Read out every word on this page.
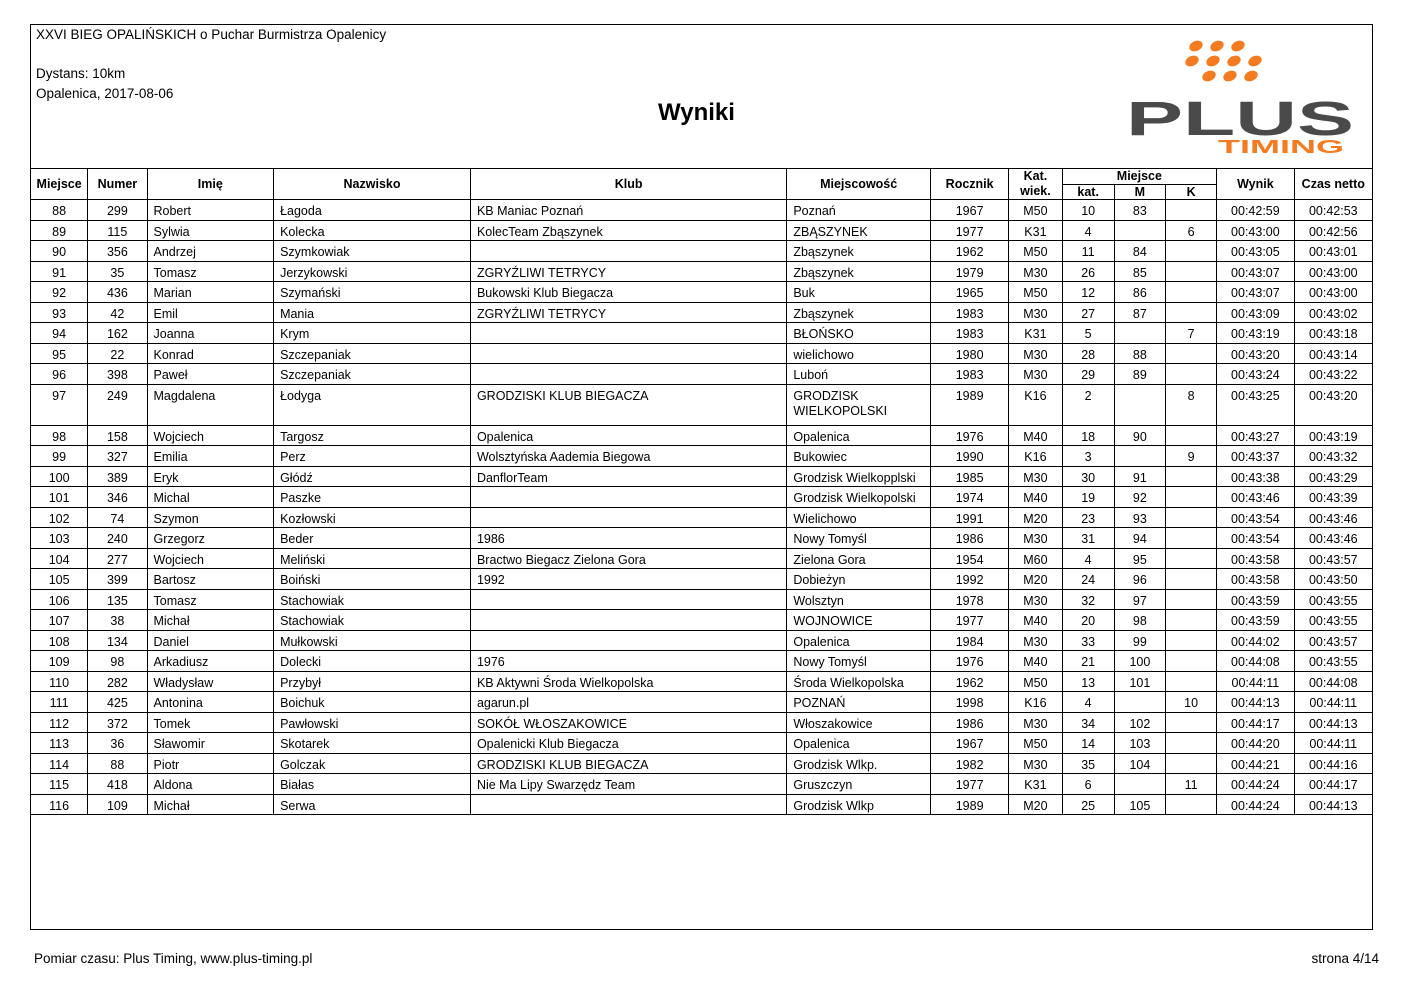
XXVI BIEG OPALIŃSKICH o Puchar Burmistrza Opalenicy
Dystans: 10km
Opalenica, 2017-08-06
Wyniki	PLUS
TIMING
Miejsce	Numer	Imię	Nazwisko	Klub	Miejscowość	Rocznik	Kat. wiek.	Miejsce			Wynik	Czas netto
								kat.	M	K		
88	299	Robert	Łagoda	KB Maniac Poznań	Poznań	1967	M50	10	83		00:42:59	00:42:53
89	115	Sylwia	Kolecka	KolecTeam Zbąszynek	ZBĄSZYNEK	1977	K31	4		6	00:43:00	00:42:56
90	356	Andrzej	Szymkowiak		Zbąszynek	1962	M50	11	84		00:43:05	00:43:01
91	35	Tomasz	Jerzykowski	ZGRYŹLIWI TETRYCY	Zbąszynek	1979	M30	26	85		00:43:07	00:43:00
92	436	Marian	Szymański	Bukowski Klub Biegacza	Buk	1965	M50	12	86		00:43:07	00:43:00
93	42	Emil	Mania	ZGRYŹLIWI TETRYCY	Zbąszynek	1983	M30	27	87		00:43:09	00:43:02
94	162	Joanna	Krym		BŁOŃSKO	1983	K31	5		7	00:43:19	00:43:18
95	22	Konrad	Szczepaniak		wielichowo	1980	M30	28	88		00:43:20	00:43:14
96	398	Paweł	Szczepaniak		Luboń	1983	M30	29	89		00:43:24	00:43:22
97	249	Magdalena	Łodyga	GRODZISKI KLUB BIEGACZA	GRODZISK WIELKOPOLSKI	1989	K16	2		8	00:43:25	00:43:20
98	158	Wojciech	Targosz	Opalenica	Opalenica	1976	M40	18	90		00:43:27	00:43:19
99	327	Emilia	Perz	Wolsztyńska Aademia Biegowa	Bukowiec	1990	K16	3		9	00:43:37	00:43:32
100	389	Eryk	Głódź	DanflorTeam	Grodzisk Wielkopplski	1985	M30	30	91		00:43:38	00:43:29
101	346	Michal	Paszke		Grodzisk Wielkopolski	1974	M40	19	92		00:43:46	00:43:39
102	74	Szymon	Kozłowski		Wielichowo	1991	M20	23	93		00:43:54	00:43:46
103	240	Grzegorz	Beder	1986	Nowy Tomyśl	1986	M30	31	94		00:43:54	00:43:46
104	277	Wojciech	Meliński	Bractwo Biegacz Zielona Gora	Zielona Gora	1954	M60	4	95		00:43:58	00:43:57
105	399	Bartosz	Boiński	1992	Dobieżyn	1992	M20	24	96		00:43:58	00:43:50
106	135	Tomasz	Stachowiak		Wolsztyn	1978	M30	32	97		00:43:59	00:43:55
107	38	Michał	Stachowiak		WOJNOWICE	1977	M40	20	98		00:43:59	00:43:55
108	134	Daniel	Mułkowski		Opalenica	1984	M30	33	99		00:44:02	00:43:57
109	98	Arkadiusz	Dolecki	1976	Nowy Tomyśl	1976	M40	21	100		00:44:08	00:43:55
110	282	Władysław	Przybył	KB Aktywni Środa Wielkopolska	Środa Wielkopolska	1962	M50	13	101		00:44:11	00:44:08
111	425	Antonina	Boichuk	agarun.pl	POZNAŃ	1998	K16	4		10	00:44:13	00:44:11
112	372	Tomek	Pawłowski	SOKÓŁ WŁOSZAKOWICE	Włoszakowice	1986	M30	34	102		00:44:17	00:44:13
113	36	Sławomir	Skotarek	Opalenicki Klub Biegacza	Opalenica	1967	M50	14	103		00:44:20	00:44:11
114	88	Piotr	Golczak	GRODZISKI KLUB BIEGACZA	Grodzisk Wlkp.	1982	M30	35	104		00:44:21	00:44:16
115	418	Aldona	Białas	Nie Ma Lipy Swarzędz Team	Gruszczyn	1977	K31	6		11	00:44:24	00:44:17
116	109	Michał	Serwa		Grodzisk Wlkp	1989	M20	25	105		00:44:24	00:44:13
Pomiar czasu: Plus Timing, www.plus-timing.pl	strona 4/14
